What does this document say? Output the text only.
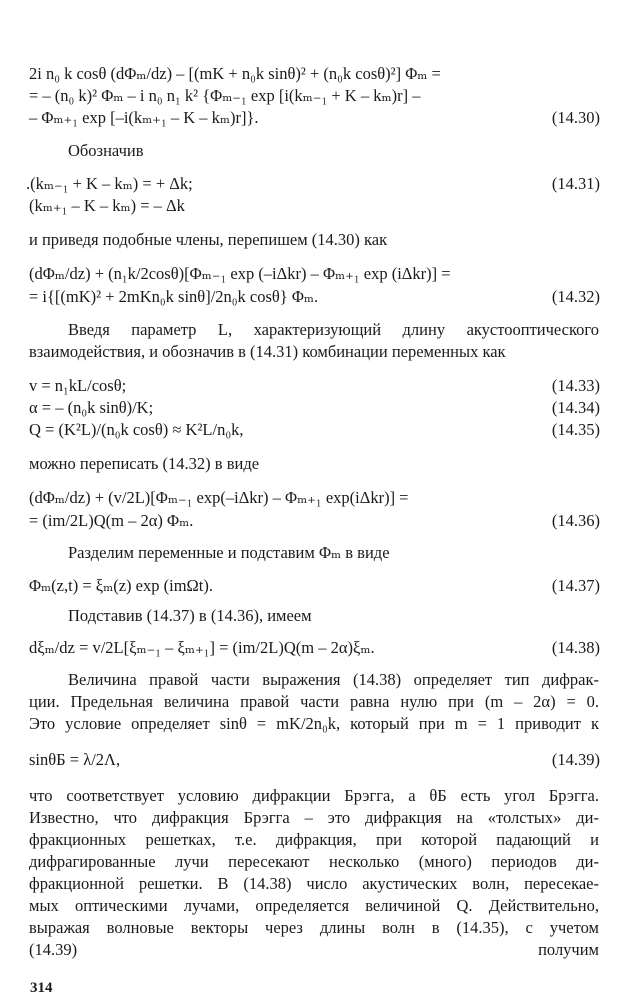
2i n₀ k cosθ (dΦₘ/dz) – [(mK + n₀k sinθ)² + (n₀k cosθ)²] Φₘ =
= – (n₀ k)² Φₘ – i n₀ n₁ k² {Φₘ₋₁ exp [i(kₘ₋₁ + K – kₘ)r] –
– Φₘ₊₁ exp [–i(kₘ₊₁ – K – kₘ)r]}.	(14.30)
Обозначив
.(kₘ₋₁ + K – kₘ) = + Δk;	(14.31)
(kₘ₊₁ – K – kₘ) = – Δk
и приведя подобные члены, перепишем (14.30) как
(dΦₘ/dz) + (n₁k/2cosθ)[Φₘ₋₁ exp (–iΔkr) – Φₘ₊₁ exp (iΔkr)] =
= i{[(mK)² + 2mKn₀k sinθ]/2n₀k cosθ} Φₘ.	(14.32)
Введя параметр L, характеризующий длину акустооптического
взаимодействия, и обозначив в (14.31) комбинации переменных как
v = n₁kL/cosθ;	(14.33)
α = – (n₀k sinθ)/K;	(14.34)
Q = (K²L)/(n₀k cosθ) ≈ K²L/n₀k,	(14.35)
можно переписать (14.32) в виде
(dΦₘ/dz) + (v/2L)[Φₘ₋₁ exp(–iΔkr) – Φₘ₊₁ exp(iΔkr)] =
= (im/2L)Q(m – 2α) Φₘ.	(14.36)
Разделим переменные и подставим Φₘ в виде
Φₘ(z,t) = ξₘ(z) exp (imΩt).	(14.37)
Подставив (14.37) в (14.36), имеем
dξₘ/dz = v/2L[ξₘ₋₁ – ξₘ₊₁] = (im/2L)Q(m – 2α)ξₘ.	(14.38)
Величина правой части выражения (14.38) определяет тип дифрак-
ции. Предельная величина правой части равна нулю при (m – 2α) = 0.
Это условие определяет sinθ = mK/2n₀k, который при m = 1 приводит к
sinθБ = λ/2Λ,	(14.39)
что соответствует условию дифракции Брэгга, а θБ есть угол Брэгга.
Известно, что дифракция Брэгга – это дифракция на «толстых» ди-
фракционных решетках, т.е. дифракция, при которой падающий и
дифрагированные лучи пересекают несколько (много) периодов ди-
фракционной решетки. В (14.38) число акустических волн, пересекае-
мых оптическими лучами, определяется величиной Q. Действительно,
выражая волновые векторы через длины волн в (14.35), с учетом
(14.39) получим
314
